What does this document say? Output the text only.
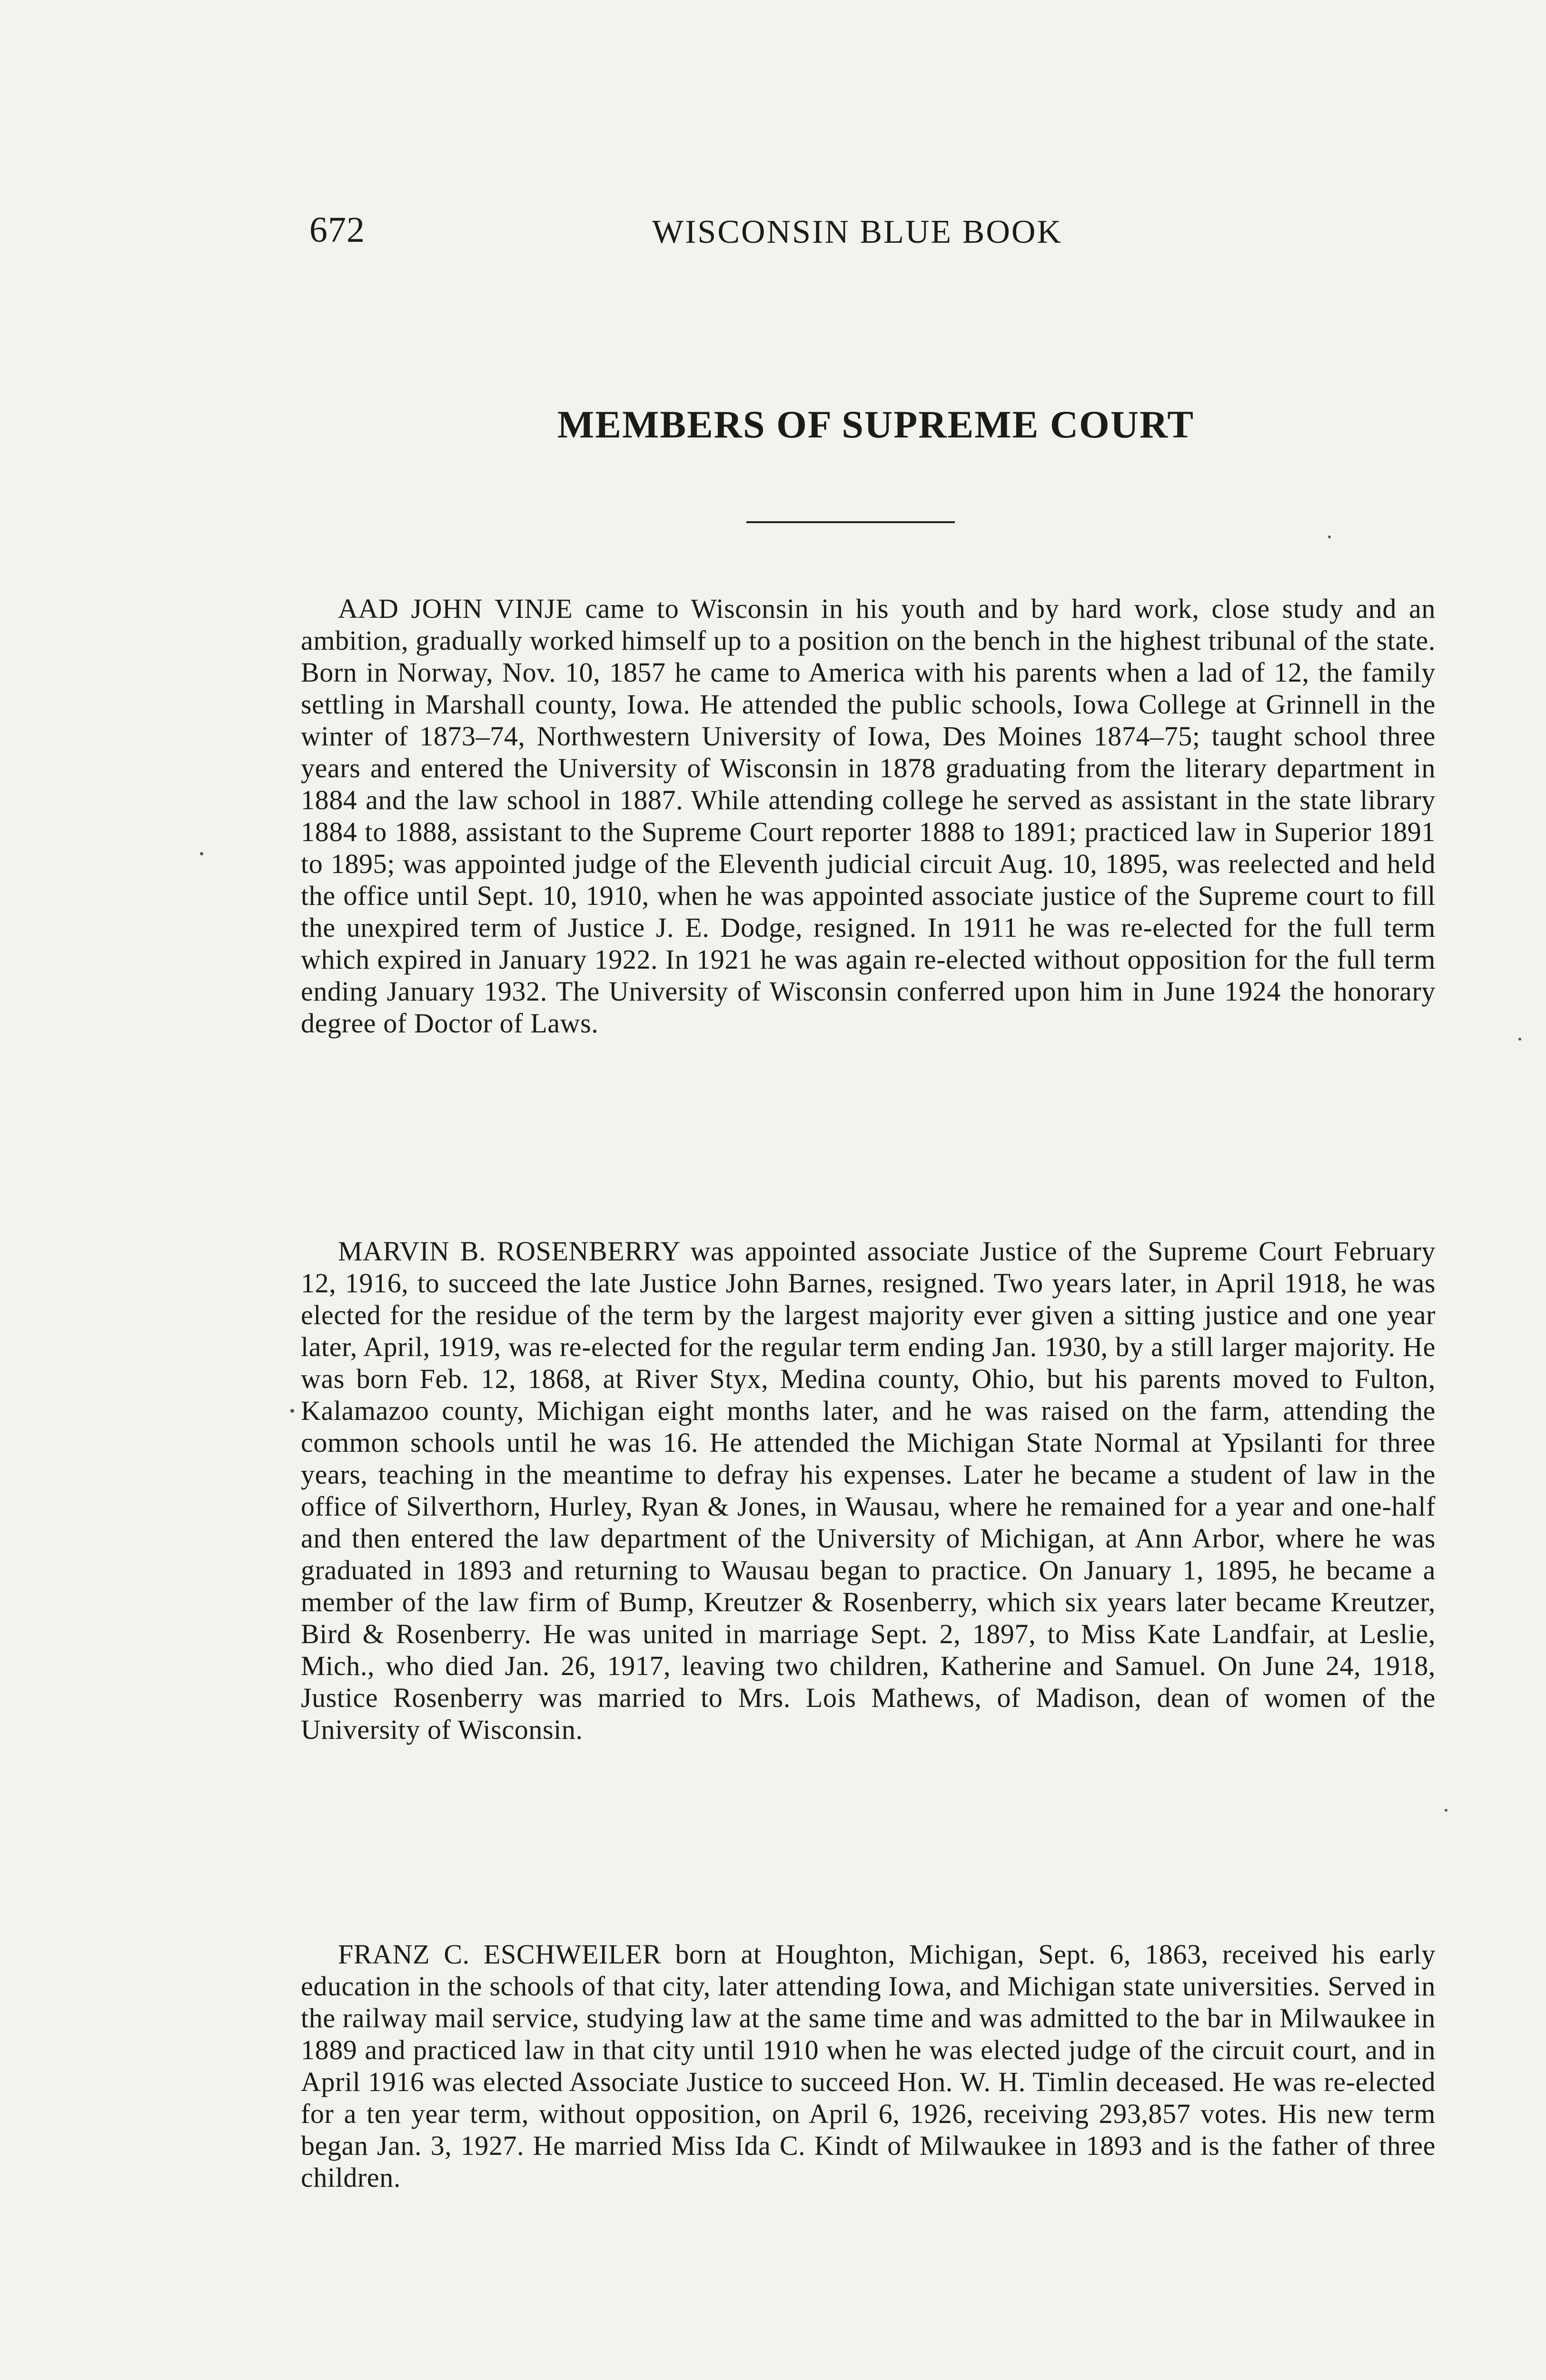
672	WISCONSIN BLUE BOOK
MEMBERS OF SUPREME COURT

AAD JOHN VINJE came to Wisconsin in his youth and by hard work, close study and an ambition, gradually worked himself up to a position on the bench in the highest tribunal of the state. Born in Norway, Nov. 10, 1857 he came to America with his parents when a lad of 12, the family settling in Marshall county, Iowa. He attended the public schools, Iowa College at Grinnell in the winter of 1873–74, Northwestern University of Iowa, Des Moines 1874–75; taught school three years and entered the University of Wisconsin in 1878 graduating from the literary department in 1884 and the law school in 1887. While attending college he served as assistant in the state library 1884 to 1888, assistant to the Supreme Court reporter 1888 to 1891; practiced law in Superior 1891 to 1895; was appointed judge of the Eleventh judicial circuit Aug. 10, 1895, was reelected and held the office until Sept. 10, 1910, when he was appointed associate justice of the Supreme court to fill the unexpired term of Justice J. E. Dodge, resigned. In 1911 he was re-elected for the full term which expired in January 1922. In 1921 he was again re-elected without opposition for the full term ending January 1932. The University of Wisconsin conferred upon him in June 1924 the honorary degree of Doctor of Laws.

MARVIN B. ROSENBERRY was appointed associate Justice of the Supreme Court February 12, 1916, to succeed the late Justice John Barnes, resigned. Two years later, in April 1918, he was elected for the residue of the term by the largest majority ever given a sitting justice and one year later, April, 1919, was re-elected for the regular term ending Jan. 1930, by a still larger majority. He was born Feb. 12, 1868, at River Styx, Medina county, Ohio, but his parents moved to Fulton, Kalamazoo county, Michigan eight months later, and he was raised on the farm, attending the common schools until he was 16. He attended the Michigan State Normal at Ypsilanti for three years, teaching in the meantime to defray his expenses. Later he became a student of law in the office of Silverthorn, Hurley, Ryan & Jones, in Wausau, where he remained for a year and one-half and then entered the law department of the University of Michigan, at Ann Arbor, where he was graduated in 1893 and returning to Wausau began to practice. On January 1, 1895, he became a member of the law firm of Bump, Kreutzer & Rosenberry, which six years later became Kreutzer, Bird & Rosenberry. He was united in marriage Sept. 2, 1897, to Miss Kate Landfair, at Leslie, Mich., who died Jan. 26, 1917, leaving two children, Katherine and Samuel. On June 24, 1918, Justice Rosenberry was married to Mrs. Lois Mathews, of Madison, dean of women of the University of Wisconsin.

FRANZ C. ESCHWEILER born at Houghton, Michigan, Sept. 6, 1863, received his early education in the schools of that city, later attending Iowa, and Michigan state universities. Served in the railway mail service, studying law at the same time and was admitted to the bar in Milwaukee in 1889 and practiced law in that city until 1910 when he was elected judge of the circuit court, and in April 1916 was elected Associate Justice to succeed Hon. W. H. Timlin deceased. He was re-elected for a ten year term, without opposition, on April 6, 1926, receiving 293,857 votes. His new term began Jan. 3, 1927. He married Miss Ida C. Kindt of Milwaukee in 1893 and is the father of three children.
